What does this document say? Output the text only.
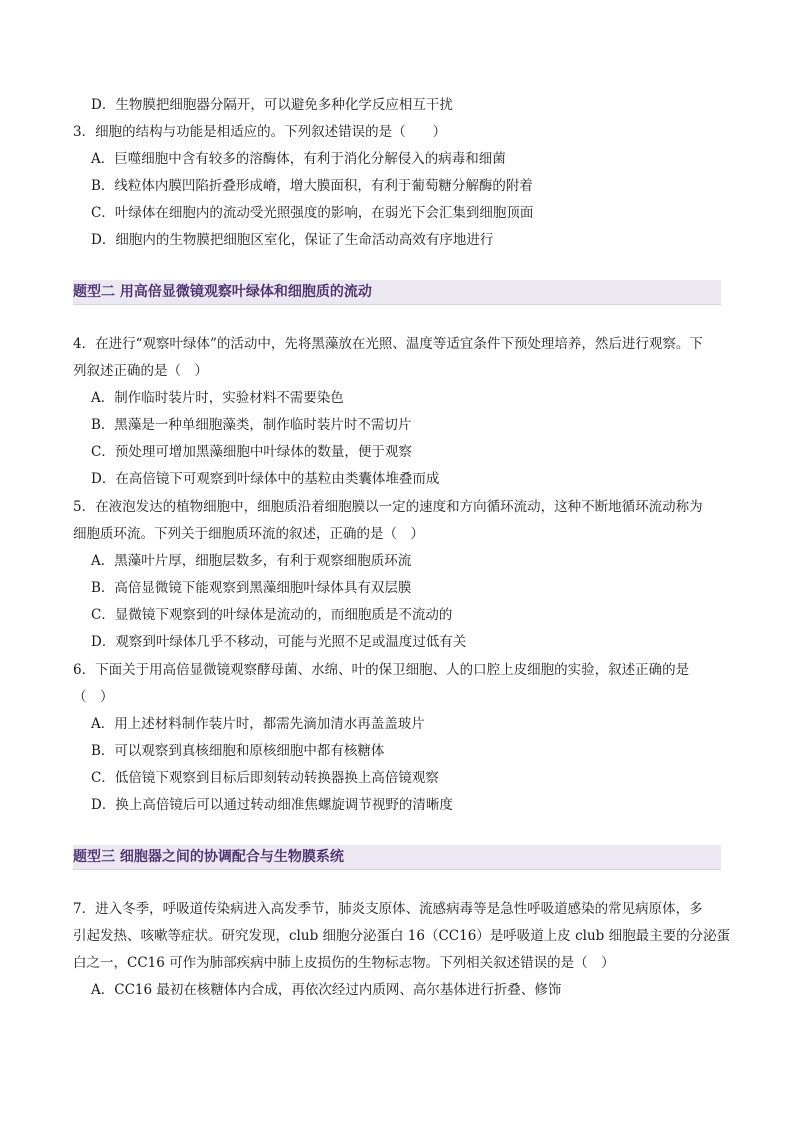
D．生物膜把细胞器分隔开，可以避免多种化学反应相互干扰
3．细胞的结构与功能是相适应的。下列叙述错误的是（　　）
A．巨噬细胞中含有较多的溶酶体，有利于消化分解侵入的病毒和细菌
B．线粒体内膜凹陷折叠形成嵴，增大膜面积，有利于葡萄糖分解酶的附着
C．叶绿体在细胞内的流动受光照强度的影响，在弱光下会汇集到细胞顶面
D．细胞内的生物膜把细胞区室化，保证了生命活动高效有序地进行
题型二 用高倍显微镜观察叶绿体和细胞质的流动
4．在进行“观察叶绿体”的活动中，先将黑藻放在光照、温度等适宜条件下预处理培养，然后进行观察。下
列叙述正确的是（　）
A．制作临时装片时，实验材料不需要染色
B．黑藻是一种单细胞藻类，制作临时装片时不需切片
C．预处理可增加黑藻细胞中叶绿体的数量，便于观察
D．在高倍镜下可观察到叶绿体中的基粒由类囊体堆叠而成
5．在液泡发达的植物细胞中，细胞质沿着细胞膜以一定的速度和方向循环流动，这种不断地循环流动称为
细胞质环流。下列关于细胞质环流的叙述，正确的是（　）
A．黑藻叶片厚，细胞层数多，有利于观察细胞质环流
B．高倍显微镜下能观察到黑藻细胞叶绿体具有双层膜
C．显微镜下观察到的叶绿体是流动的，而细胞质是不流动的
D．观察到叶绿体几乎不移动，可能与光照不足或温度过低有关
6．下面关于用高倍显微镜观察酵母菌、水绵、叶的保卫细胞、人的口腔上皮细胞的实验，叙述正确的是
（　）
A．用上述材料制作装片时，都需先滴加清水再盖盖玻片
B．可以观察到真核细胞和原核细胞中都有核糖体
C．低倍镜下观察到目标后即刻转动转换器换上高倍镜观察
D．换上高倍镜后可以通过转动细准焦螺旋调节视野的清晰度
题型三 细胞器之间的协调配合与生物膜系统
7．进入冬季，呼吸道传染病进入高发季节，肺炎支原体、流感病毒等是急性呼吸道感染的常见病原体，多
引起发热、咳嗽等症状。研究发现，club 细胞分泌蛋白 16（CC16）是呼吸道上皮 club 细胞最主要的分泌蛋
白之一，CC16 可作为肺部疾病中肺上皮损伤的生物标志物。下列相关叙述错误的是（　）
A．CC16 最初在核糖体内合成，再依次经过内质网、高尔基体进行折叠、修饰
